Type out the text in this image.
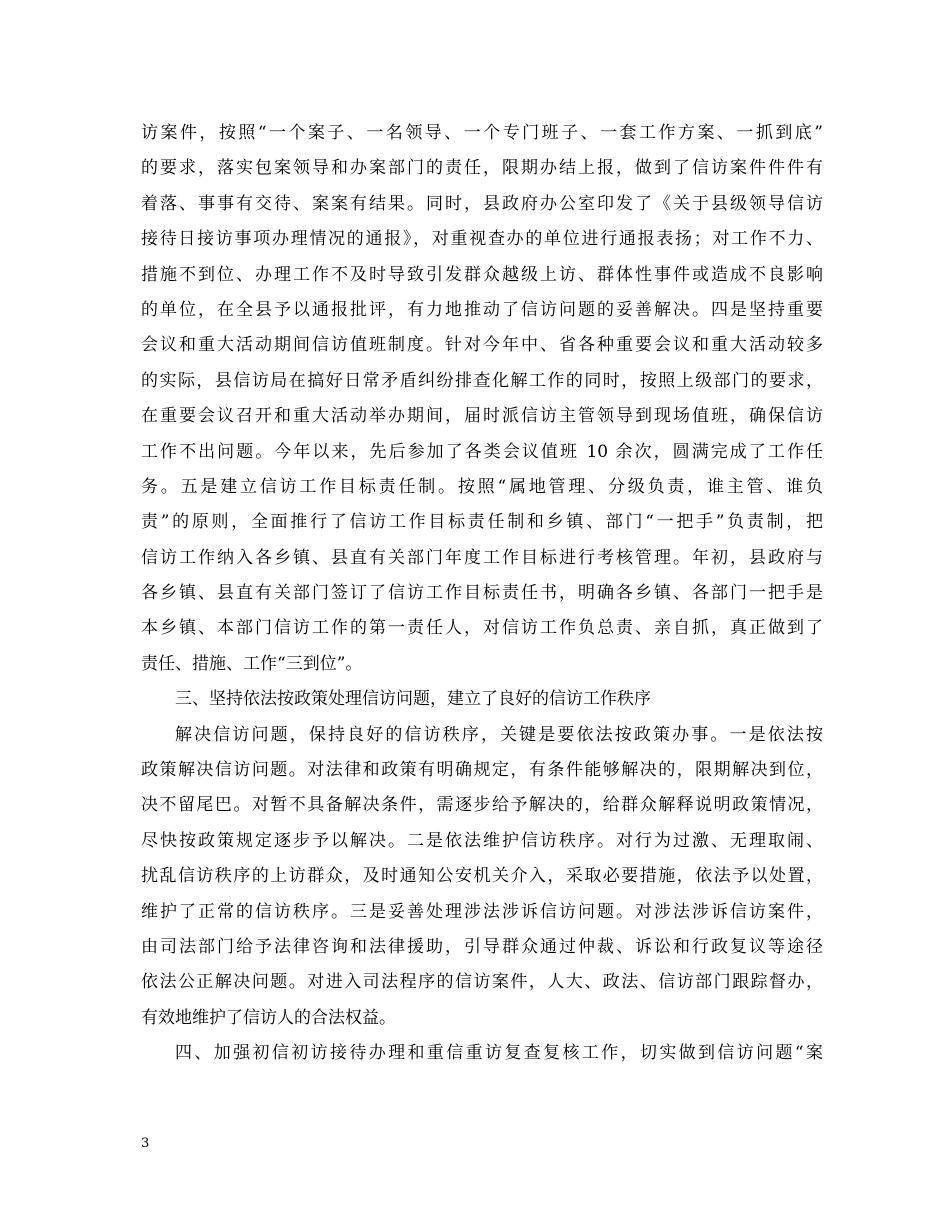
访案件，按照“一个案子、一名领导、一个专门班子、一套工作方案、一抓到底”
的要求，落实包案领导和办案部门的责任，限期办结上报，做到了信访案件件件有
着落、事事有交待、案案有结果。同时，县政府办公室印发了《关于县级领导信访
接待日接访事项办理情况的通报》，对重视查办的单位进行通报表扬；对工作不力、
措施不到位、办理工作不及时导致引发群众越级上访、群体性事件或造成不良影响
的单位，在全县予以通报批评，有力地推动了信访问题的妥善解决。四是坚持重要
会议和重大活动期间信访值班制度。针对今年中、省各种重要会议和重大活动较多
的实际，县信访局在搞好日常矛盾纠纷排查化解工作的同时，按照上级部门的要求，
在重要会议召开和重大活动举办期间，届时派信访主管领导到现场值班，确保信访
工作不出问题。今年以来，先后参加了各类会议值班 10 余次，圆满完成了工作任
务。五是建立信访工作目标责任制。按照“属地管理、分级负责，谁主管、谁负
责”的原则，全面推行了信访工作目标责任制和乡镇、部门“一把手”负责制，把
信访工作纳入各乡镇、县直有关部门年度工作目标进行考核管理。年初，县政府与
各乡镇、县直有关部门签订了信访工作目标责任书，明确各乡镇、各部门一把手是
本乡镇、本部门信访工作的第一责任人，对信访工作负总责、亲自抓，真正做到了
责任、措施、工作“三到位”。
三、坚持依法按政策处理信访问题，建立了良好的信访工作秩序
解决信访问题，保持良好的信访秩序，关键是要依法按政策办事。一是依法按
政策解决信访问题。对法律和政策有明确规定，有条件能够解决的，限期解决到位，
决不留尾巴。对暂不具备解决条件，需逐步给予解决的，给群众解释说明政策情况，
尽快按政策规定逐步予以解决。二是依法维护信访秩序。对行为过激、无理取闹、
扰乱信访秩序的上访群众，及时通知公安机关介入，采取必要措施，依法予以处置，
维护了正常的信访秩序。三是妥善处理涉法涉诉信访问题。对涉法涉诉信访案件，
由司法部门给予法律咨询和法律援助，引导群众通过仲裁、诉讼和行政复议等途径
依法公正解决问题。对进入司法程序的信访案件，人大、政法、信访部门跟踪督办，
有效地维护了信访人的合法权益。
四、加强初信初访接待办理和重信重访复查复核工作，切实做到信访问题“案
3
